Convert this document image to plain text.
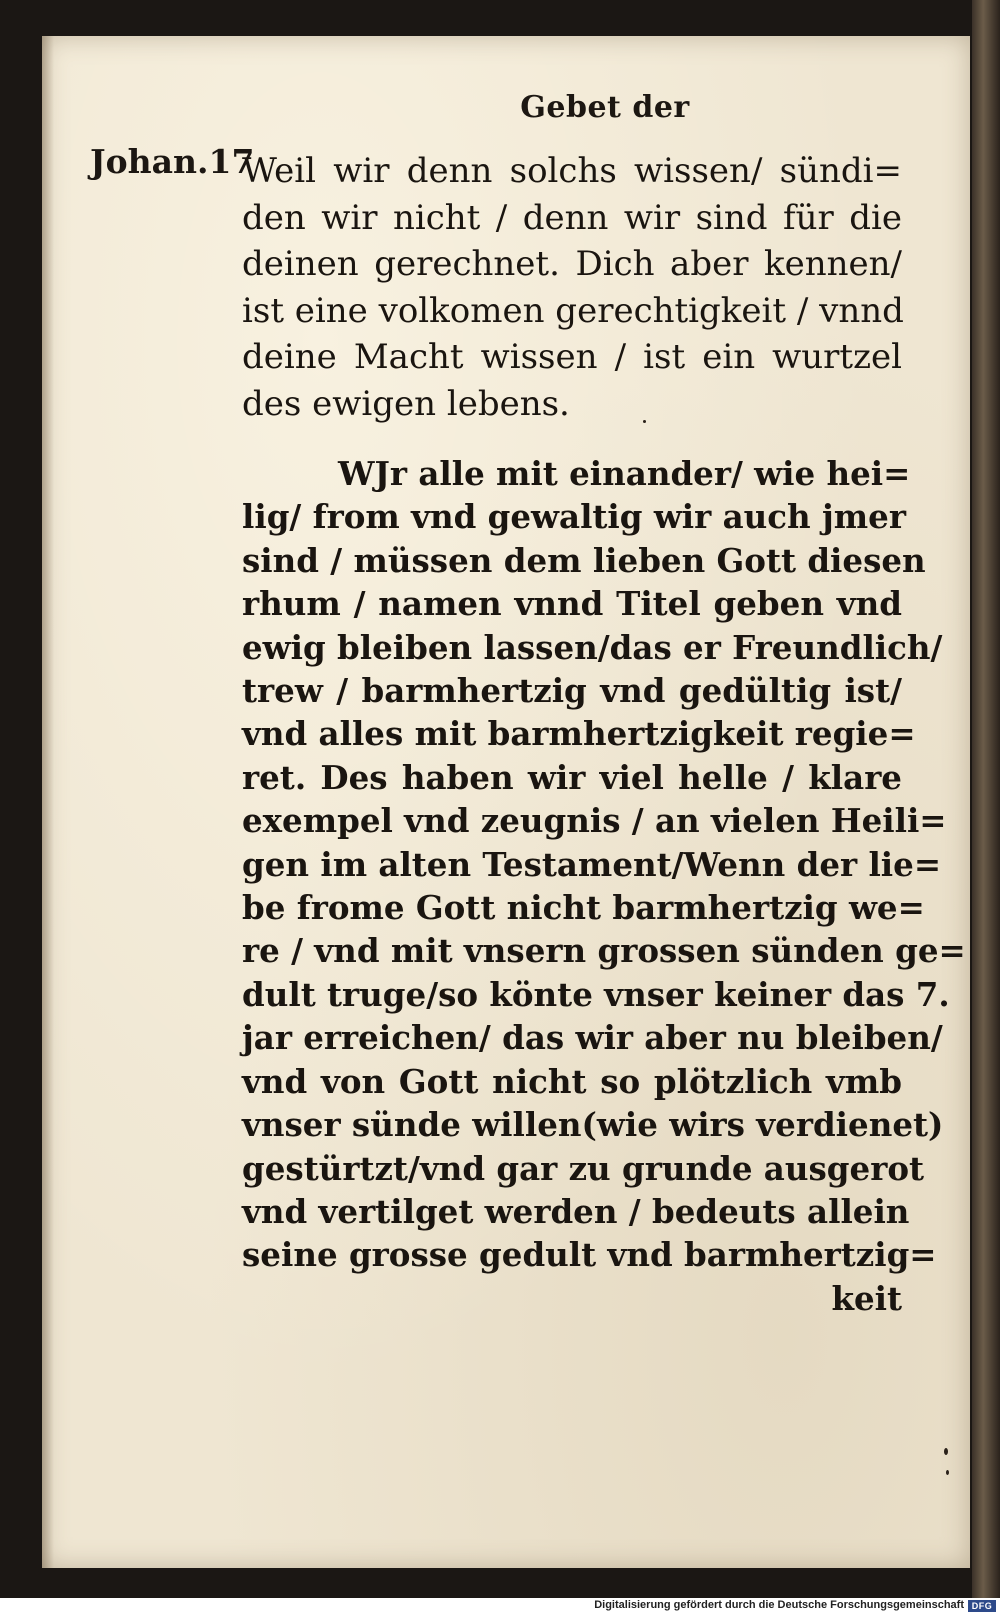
Gebet der
Johan.17

Weil wir denn solchs wissen/ sündi=
den wir nicht / denn wir sind für die
deinen gerechnet. Dich aber kennen/
ist eine volkomen gerechtigkeit / vnnd
deine Macht wissen / ist ein wurtzel
des ewigen lebens.

WJr alle mit einander/ wie hei=
lig/ from vnd gewaltig wir auch jmer
sind / müssen dem lieben Gott diesen
rhum / namen vnnd Titel geben vnd
ewig bleiben lassen/das er Freundlich/
trew / barmhertzig vnd gedültig ist/
vnd alles mit barmhertzigkeit regie=
ret. Des haben wir viel helle / klare
exempel vnd zeugnis / an vielen Heili=
gen im alten Testament/Wenn der lie=
be frome Gott nicht barmhertzig we=
re / vnd mit vnsern grossen sünden ge=
dult truge/so könte vnser keiner das 7.
jar erreichen/ das wir aber nu bleiben/
vnd von Gott nicht so plötzlich vmb
vnser sünde willen(wie wirs verdienet)
gestürtzt/vnd gar zu grunde ausgerot
vnd vertilget werden / bedeuts allein
seine grosse gedult vnd barmhertzig=
keit

Digitalisierung gefördert durch die Deutsche Forschungsgemeinschaft DFG
